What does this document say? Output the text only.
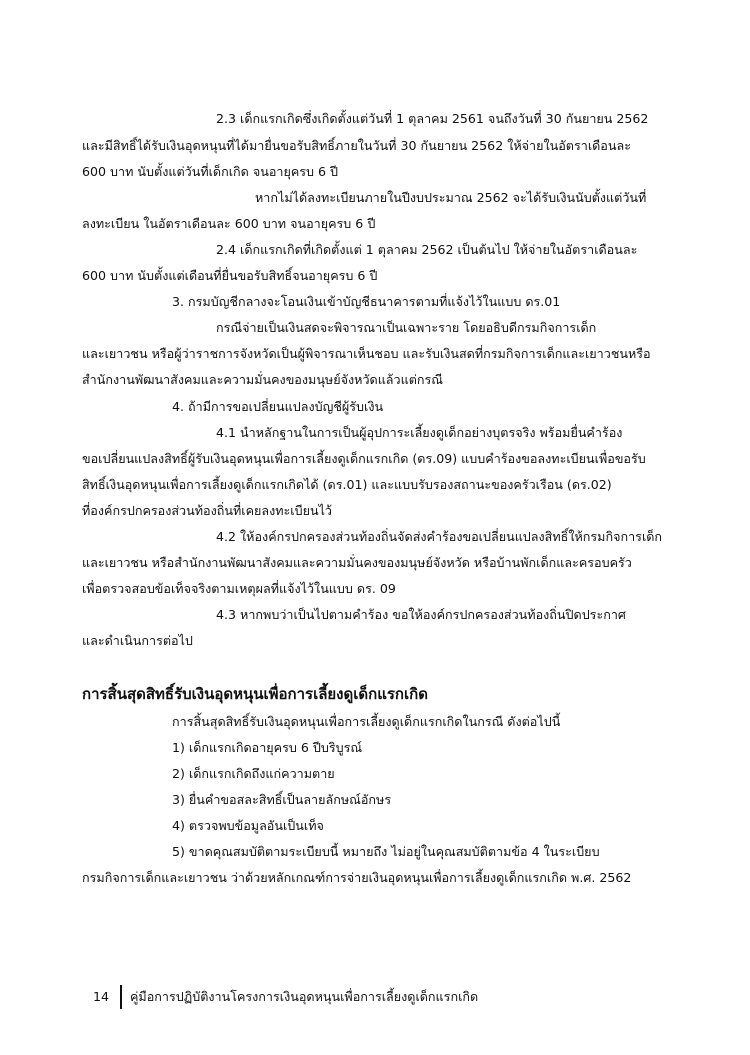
2.3 เด็กแรกเกิดซึ่งเกิดตั้งแต่วันที่ 1 ตุลาคม 2561 จนถึงวันที่ 30 กันยายน 2562
และมีสิทธิ์ได้รับเงินอุดหนุนที่ได้มายื่นขอรับสิทธิ์ภายในวันที่ 30 กันยายน 2562 ให้จ่ายในอัตราเดือนละ
600 บาท นับตั้งแต่วันที่เด็กเกิด จนอายุครบ 6 ปี
หากไม่ได้ลงทะเบียนภายในปีงบประมาณ 2562 จะได้รับเงินนับตั้งแต่วันที่
ลงทะเบียน ในอัตราเดือนละ 600 บาท จนอายุครบ 6 ปี
2.4 เด็กแรกเกิดที่เกิดตั้งแต่ 1 ตุลาคม 2562 เป็นต้นไป ให้จ่ายในอัตราเดือนละ
600 บาท นับตั้งแต่เดือนที่ยื่นขอรับสิทธิ์จนอายุครบ 6 ปี
3. กรมบัญชีกลางจะโอนเงินเข้าบัญชีธนาคารตามที่แจ้งไว้ในแบบ ดร.01
กรณีจ่ายเป็นเงินสดจะพิจารณาเป็นเฉพาะราย โดยอธิบดีกรมกิจการเด็ก
และเยาวชน หรือผู้ว่าราชการจังหวัดเป็นผู้พิจารณาเห็นชอบ และรับเงินสดที่กรมกิจการเด็กและเยาวชนหรือ
สำนักงานพัฒนาสังคมและความมั่นคงของมนุษย์จังหวัดแล้วแต่กรณี
4. ถ้ามีการขอเปลี่ยนแปลงบัญชีผู้รับเงิน
4.1 นำหลักฐานในการเป็นผู้อุปการะเลี้ยงดูเด็กอย่างบุตรจริง พร้อมยื่นคำร้อง
ขอเปลี่ยนแปลงสิทธิ์ผู้รับเงินอุดหนุนเพื่อการเลี้ยงดูเด็กแรกเกิด (ดร.09) แบบคำร้องขอลงทะเบียนเพื่อขอรับ
สิทธิ์เงินอุดหนุนเพื่อการเลี้ยงดูเด็กแรกเกิดได้ (ดร.01) และแบบรับรองสถานะของครัวเรือน (ดร.02)
ที่องค์กรปกครองส่วนท้องถิ่นที่เคยลงทะเบียนไว้
4.2 ให้องค์กรปกครองส่วนท้องถิ่นจัดส่งคำร้องขอเปลี่ยนแปลงสิทธิ์ให้กรมกิจการเด็ก
และเยาวชน หรือสำนักงานพัฒนาสังคมและความมั่นคงของมนุษย์จังหวัด หรือบ้านพักเด็กและครอบครัว
เพื่อตรวจสอบข้อเท็จจริงตามเหตุผลที่แจ้งไว้ในแบบ ดร. 09
4.3 หากพบว่าเป็นไปตามคำร้อง ขอให้องค์กรปกครองส่วนท้องถิ่นปิดประกาศ
และดำเนินการต่อไป
การสิ้นสุดสิทธิ์รับเงินอุดหนุนเพื่อการเลี้ยงดูเด็กแรกเกิด
การสิ้นสุดสิทธิ์รับเงินอุดหนุนเพื่อการเลี้ยงดูเด็กแรกเกิดในกรณี ดังต่อไปนี้
1) เด็กแรกเกิดอายุครบ 6 ปีบริบูรณ์
2) เด็กแรกเกิดถึงแก่ความตาย
3) ยื่นคำขอสละสิทธิ์เป็นลายลักษณ์อักษร
4) ตรวจพบข้อมูลอันเป็นเท็จ
5) ขาดคุณสมบัติตามระเบียบนี้ หมายถึง ไม่อยู่ในคุณสมบัติตามข้อ 4 ในระเบียบ
กรมกิจการเด็กและเยาวชน ว่าด้วยหลักเกณฑ์การจ่ายเงินอุดหนุนเพื่อการเลี้ยงดูเด็กแรกเกิด พ.ศ. 2562
14 คู่มือการปฏิบัติงานโครงการเงินอุดหนุนเพื่อการเลี้ยงดูเด็กแรกเกิด
